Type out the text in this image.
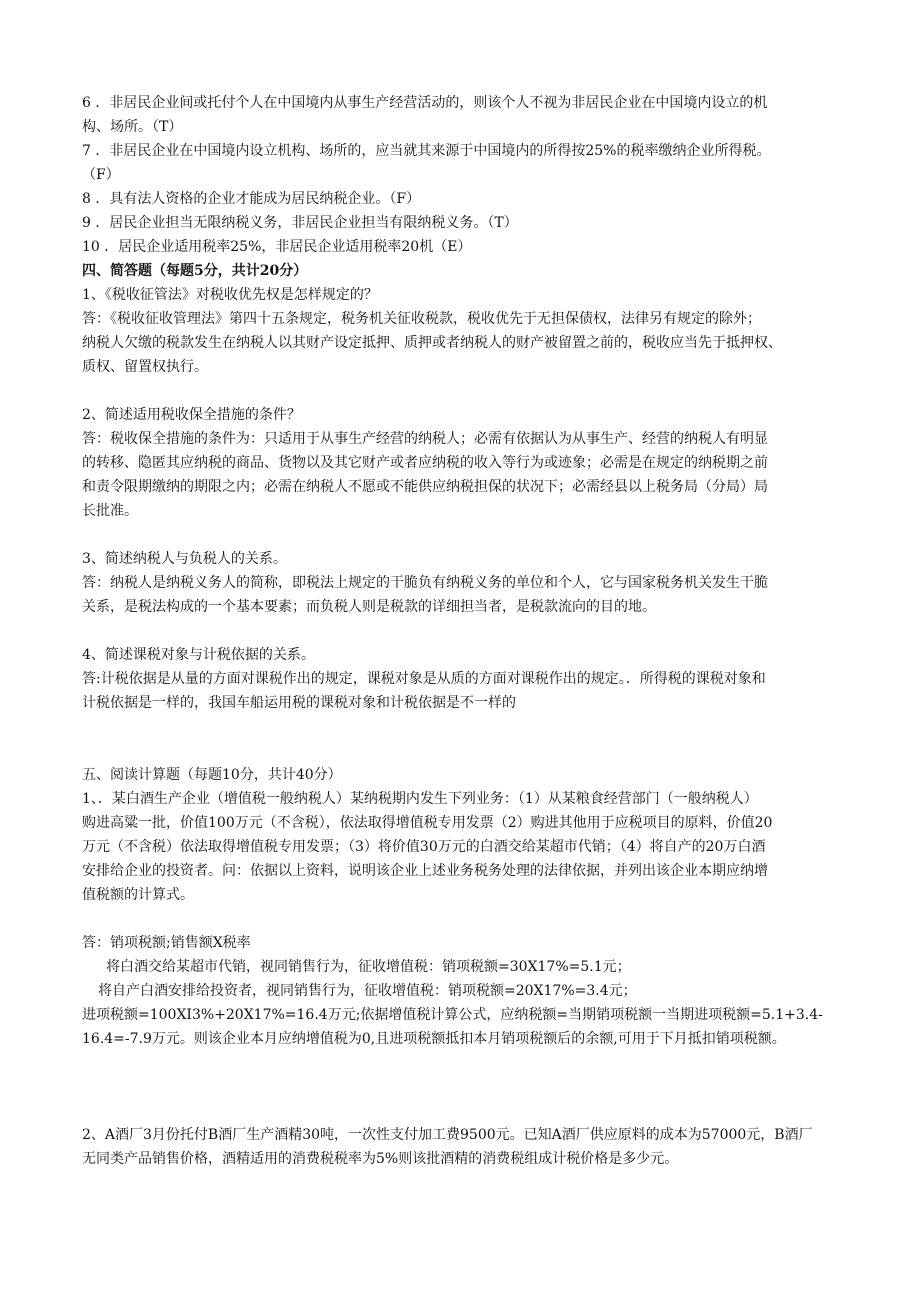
6 ．非居民企业间或托付个人在中国境内从事生产经营活动的，则该个人不视为非居民企业在中国境内设立的机
构、场所。（T）
7 ．非居民企业在中国境内设立机构、场所的，应当就其来源于中国境内的所得按25%的税率缴纳企业所得税。
（F）
8 ．具有法人资格的企业才能成为居民纳税企业。（F）
9 ．居民企业担当无限纳税义务，非居民企业担当有限纳税义务。（T）
10 ．居民企业适用税率25%，非居民企业适用税率20机（E）
四、简答题（每题5分，共计20分）
1、《税收征管法》对税收优先权是怎样规定的？
答：《税收征收管理法》第四十五条规定，税务机关征收税款，税收优先于无担保债权，法律另有规定的除外；
纳税人欠缴的税款发生在纳税人以其财产设定抵押、质押或者纳税人的财产被留置之前的，税收应当先于抵押权、
质权、留置权执行。
2、简述适用税收保全措施的条件？
答：税收保全措施的条件为：只适用于从事生产经营的纳税人；必需有依据认为从事生产、经营的纳税人有明显
的转移、隐匿其应纳税的商品、货物以及其它财产或者应纳税的收入等行为或迹象；必需是在规定的纳税期之前
和责令限期缴纳的期限之内；必需在纳税人不愿或不能供应纳税担保的状况下；必需经县以上税务局（分局）局
长批准。
3、简述纳税人与负税人的关系。
答：纳税人是纳税义务人的简称，即税法上规定的干脆负有纳税义务的单位和个人，它与国家税务机关发生干脆
关系，是税法构成的一个基本要素；而负税人则是税款的详细担当者，是税款流向的目的地。
4、简述课税对象与计税依据的关系。
答:计税依据是从量的方面对课税作出的规定，课税对象是从质的方面对课税作出的规定。．所得税的课税对象和
计税依据是一样的，我国车船运用税的课税对象和计税依据是不一样的
五、阅读计算题（每题10分，共计40分）
1、．某白酒生产企业（增值税一般纳税人）某纳税期内发生下列业务：（1）从某粮食经营部门（一般纳税人）
购进高粱一批，价值100万元（不含税），依法取得增值税专用发票（2）购进其他用于应税项目的原料，价值20
万元（不含税）依法取得增值税专用发票；（3）将价值30万元的白酒交给某超市代销；（4）将自产的20万白酒
安排给企业的投资者。问：依据以上资料，说明该企业上述业务税务处理的法律依据，并列出该企业本期应纳增
值税额的计算式。
答：销项税额;销售额X税率
将白酒交给某超市代销，视同销售行为，征收增值税：销项税额=30X17%=5.1元；
将自产白酒安排给投资者，视同销售行为，征收增值税：销项税额=20X17%=3.4元；
进项税额=100XI3%+20X17%=16.4万元;依据增值税计算公式，应纳税额=当期销项税额一当期进项税额=5.1+3.4-
16.4=-7.9万元。则该企业本月应纳增值税为0,且进项税额抵扣本月销项税额后的余额,可用于下月抵扣销项税额。
2、A酒厂3月份托付B酒厂生产酒精30吨，一次性支付加工费9500元。已知A酒厂供应原料的成本为57000元，B酒厂
无同类产品销售价格，酒精适用的消费税税率为5%则该批酒精的消费税组成计税价格是多少元。
